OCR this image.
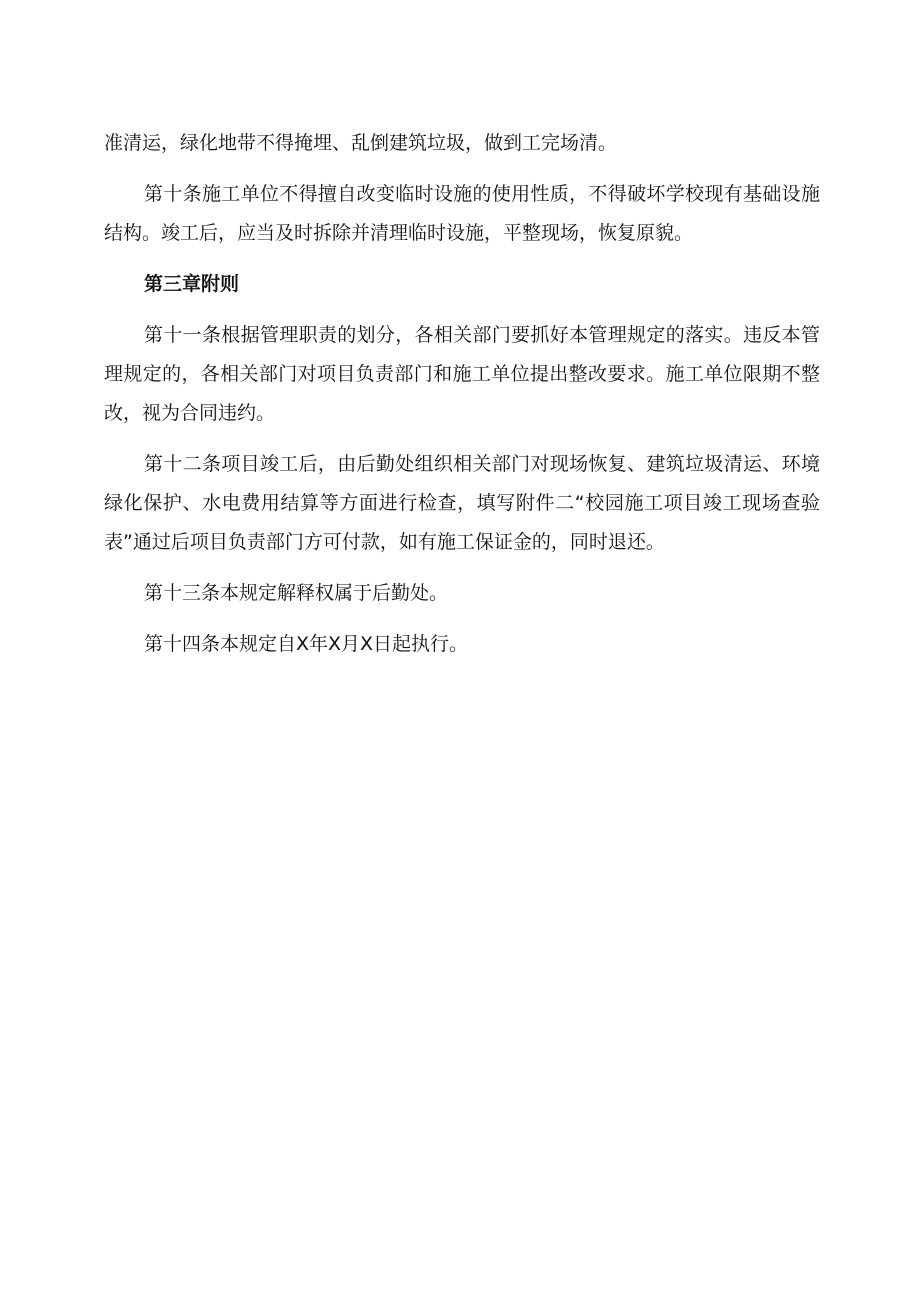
准清运，绿化地带不得掩埋、乱倒建筑垃圾，做到工完场清。

第十条施工单位不得擅自改变临时设施的使用性质，不得破坏学校现有基础设施结构。竣工后，应当及时拆除并清理临时设施，平整现场，恢复原貌。

第三章附则

第十一条根据管理职责的划分，各相关部门要抓好本管理规定的落实。违反本管理规定的，各相关部门对项目负责部门和施工单位提出整改要求。施工单位限期不整改，视为合同违约。

第十二条项目竣工后，由后勤处组织相关部门对现场恢复、建筑垃圾清运、环境绿化保护、水电费用结算等方面进行检查，填写附件二“校园施工项目竣工现场查验表”通过后项目负责部门方可付款，如有施工保证金的，同时退还。

第十三条本规定解释权属于后勤处。

第十四条本规定自X年X月X日起执行。
